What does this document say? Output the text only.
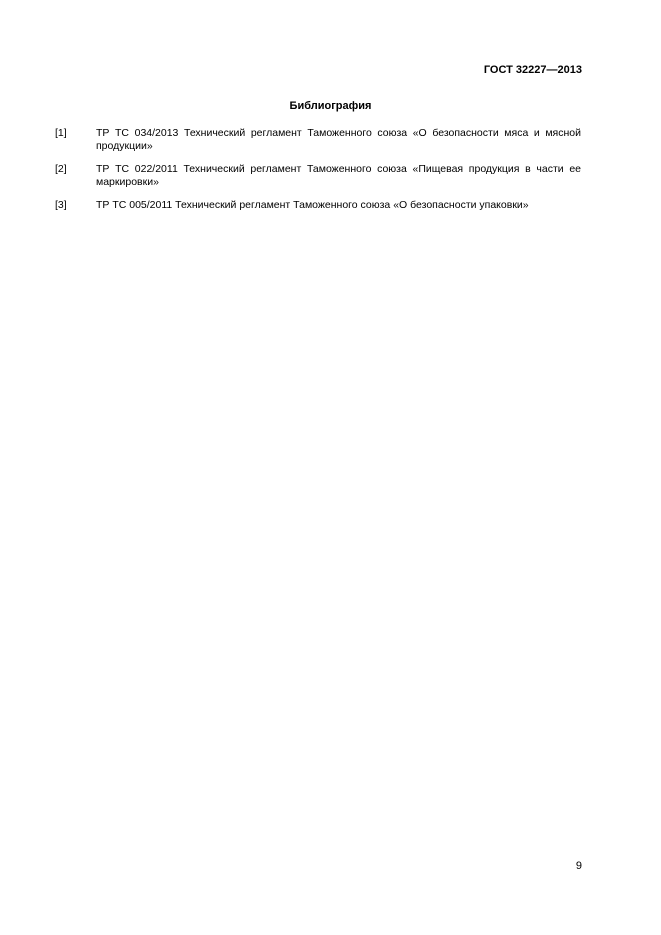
ГОСТ 32227—2013
Библиография
[1]	ТР ТС 034/2013 Технический регламент Таможенного союза «О безопасности мяса и мясной продукции»
[2]	ТР ТС 022/2011 Технический регламент Таможенного союза «Пищевая продукция в части ее маркировки»
[3]	ТР ТС 005/2011 Технический регламент Таможенного союза «О безопасности упаковки»
9
